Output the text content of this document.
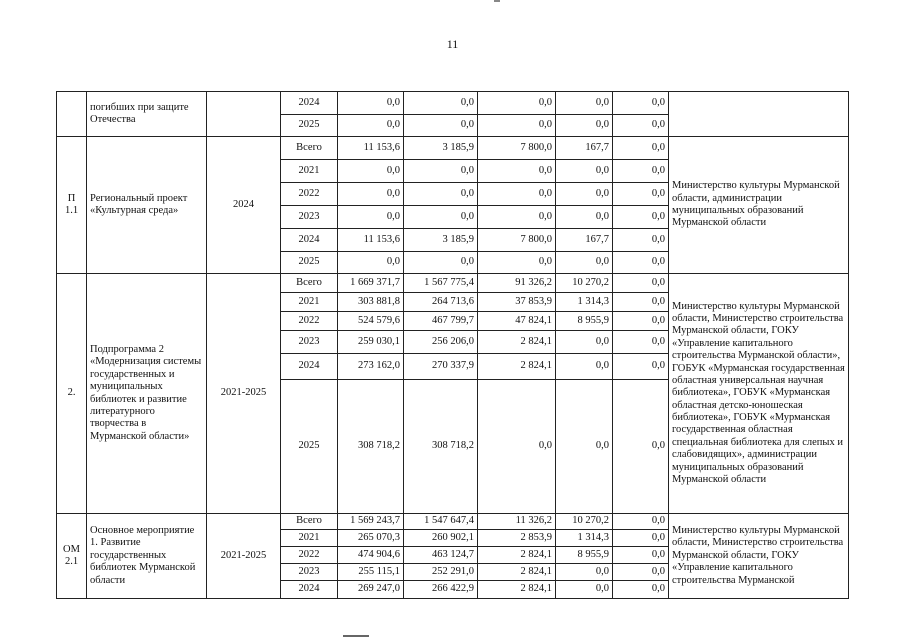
11
	погибших при защите Отечества		2024	0,0	0,0	0,0	0,0	0,0	
			2025	0,0	0,0	0,0	0,0	0,0	
П 1.1	Региональный проект «Культурная среда»	2024	Всего	11 153,6	3 185,9	7 800,0	167,7	0,0	Министерство культуры Мурманской области, администрации муниципальных образований Мурманской области
			2021	0,0	0,0	0,0	0,0	0,0	
			2022	0,0	0,0	0,0	0,0	0,0	
			2023	0,0	0,0	0,0	0,0	0,0	
			2024	11 153,6	3 185,9	7 800,0	167,7	0,0	
			2025	0,0	0,0	0,0	0,0	0,0	
2.	Подпрограмма 2 «Модернизация системы государственных и муниципальных библиотек и развитие литературного творчества в Мурманской области»	2021-2025	Всего	1 669 371,7	1 567 775,4	91 326,2	10 270,2	0,0	Министерство культуры Мурманской области, Министерство строительства Мурманской области, ГОКУ «Управление капитального строительства Мурманской области», ГОБУК «Мурманская государственная областная универсальная научная библиотека», ГОБУК «Мурманская областная детско-юношеская библиотека», ГОБУК «Мурманская государственная областная специальная библиотека для слепых и слабовидящих», администрации муниципальных образований Мурманской области
			2021	303 881,8	264 713,6	37 853,9	1 314,3	0,0	
			2022	524 579,6	467 799,7	47 824,1	8 955,9	0,0	
			2023	259 030,1	256 206,0	2 824,1	0,0	0,0	
			2024	273 162,0	270 337,9	2 824,1	0,0	0,0	
			2025	308 718,2	308 718,2	0,0	0,0	0,0	
ОМ 2.1	Основное мероприятие 1. Развитие государственных библиотек Мурманской области	2021-2025	Всего	1 569 243,7	1 547 647,4	11 326,2	10 270,2	0,0	Министерство культуры Мурманской области, Министерство строительства Мурманской области, ГОКУ «Управление капитального строительства Мурманской
			2021	265 070,3	260 902,1	2 853,9	1 314,3	0,0	
			2022	474 904,6	463 124,7	2 824,1	8 955,9	0,0	
			2023	255 115,1	252 291,0	2 824,1	0,0	0,0	
			2024	269 247,0	266 422,9	2 824,1	0,0	0,0	
